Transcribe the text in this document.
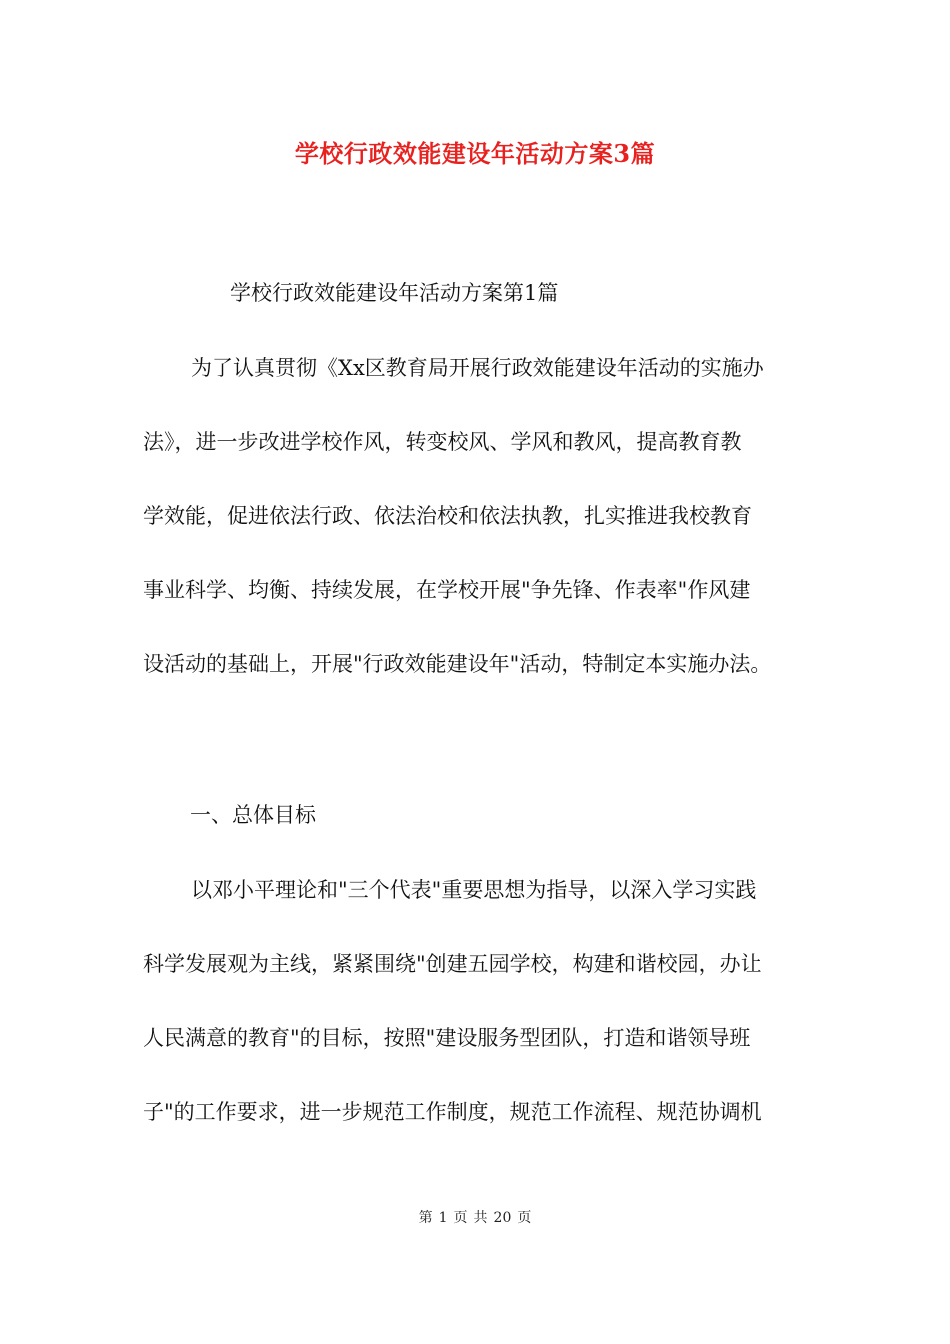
学校行政效能建设年活动方案3篇
学校行政效能建设年活动方案第1篇

为了认真贯彻《Xx区教育局开展行政效能建设年活动的实施办
法》，进一步改进学校作风，转变校风、学风和教风，提高教育教
学效能，促进依法行政、依法治校和依法执教，扎实推进我校教育
事业科学、均衡、持续发展，在学校开展"争先锋、作表率"作风建
设活动的基础上，开展"行政效能建设年"活动，特制定本实施办法。

一、总体目标

以邓小平理论和"三个代表"重要思想为指导，以深入学习实践
科学发展观为主线，紧紧围绕"创建五园学校，构建和谐校园，办让
人民满意的教育"的目标，按照"建设服务型团队，打造和谐领导班
子"的工作要求，进一步规范工作制度，规范工作流程、规范协调机

第 1 页 共 20 页
